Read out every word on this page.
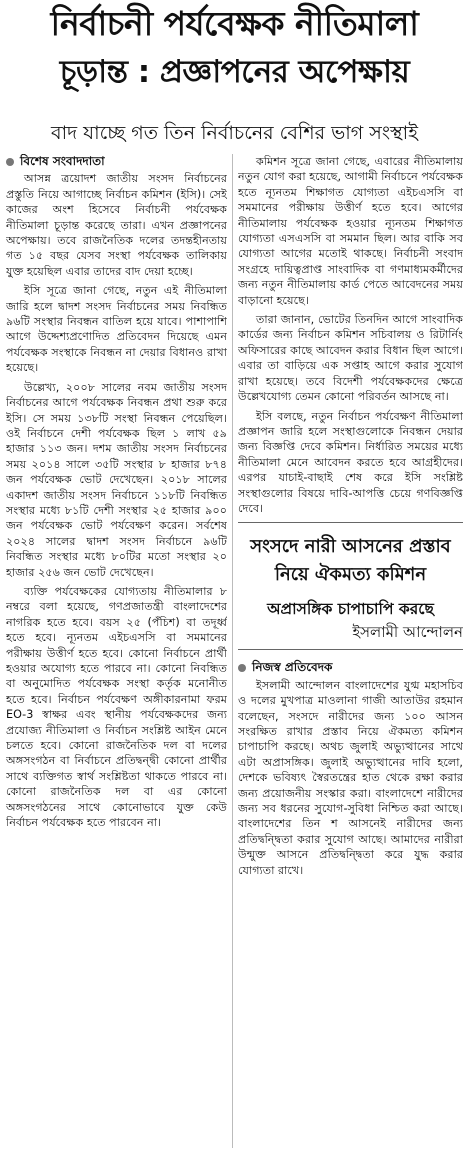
নির্বাচনী পর্যবেক্ষক নীতিমালা
চূড়ান্ত : প্রজ্ঞাপনের অপেক্ষায়
বাদ যাচ্ছে গত তিন নির্বাচনের বেশির ভাগ সংস্থাই
বিশেষ সংবাদদাতা

আসন্ন ত্রয়োদশ জাতীয় সংসদ নির্বাচনের প্রস্তুতি নিয়ে আগাচ্ছে নির্বাচন কমিশন (ইসি)। সেই কাজের অংশ হিসেবে নির্বাচনী পর্যবেক্ষক নীতিমালা চূড়ান্ত করেছে তারা। এখন প্রজ্ঞাপনের অপেক্ষায়। তবে রাজনৈতিক দলের তদন্তহীনতায় গত ১৫ বছর যেসব সংস্থা পর্যবেক্ষক তালিকায় যুক্ত হয়েছিল এবার তাদের বাদ দেয়া হচ্ছে।

ইসি সূত্রে জানা গেছে, নতুন এই নীতিমালা জারি হলে দ্বাদশ সংসদ নির্বাচনের সময় নিবন্ধিত ৯৬টি সংস্থার নিবন্ধন বাতিল হয়ে যাবে। পাশাপাশি আগে উদ্দেশ্যপ্রণোদিত প্রতিবেদন দিয়েছে এমন পর্যবেক্ষক সংস্থাকে নিবন্ধন না দেয়ার বিধানও রাখা হয়েছে।

উল্লেখ্য, ২০০৮ সালের নবম জাতীয় সংসদ নির্বাচনের আগে পর্যবেক্ষক নিবন্ধন প্রথা শুরু করে ইসি। সে সময় ১৩৮টি সংস্থা নিবন্ধন পেয়েছিল। ওই নির্বাচনে দেশী পর্যবেক্ষক ছিল ১ লাখ ৫৯ হাজার ১১৩ জন। দশম জাতীয় সংসদ নির্বাচনের সময় ২০১৪ সালে ৩৫টি সংস্থার ৮ হাজার ৮৭৪ জন পর্যবেক্ষক ভোট দেখেছেন। ২০১৮ সালের একাদশ জাতীয় সংসদ নির্বাচনে ১১৮টি নিবন্ধিত সংস্থার মধ্যে ৮১টি দেশী সংস্থার ২৫ হাজার ৯০০ জন পর্যবেক্ষক ভোট পর্যবেক্ষণ করেন। সর্বশেষ ২০২৪ সালের দ্বাদশ সংসদ নির্বাচনে ৯৬টি নিবন্ধিত সংস্থার মধ্যে ৮০টির মতো সংস্থার ২০ হাজার ২৫৬ জন ভোট দেখেছেন।

ব্যক্তি পর্যবেক্ষকের যোগ্যতায় নীতিমালার ৮ নম্বরে বলা হয়েছে, গণপ্রজাতন্ত্রী বাংলাদেশের নাগরিক হতে হবে। বয়স ২৫ (পঁচিশ) বা তদূর্ধ্ব হতে হবে। ন্যূনতম এইচএসসি বা সমমানের পরীক্ষায় উত্তীর্ণ হতে হবে। কোনো নির্বাচনে প্রার্থী হওয়ার অযোগ্য হতে পারবে না। কোনো নিবন্ধিত বা অনুমোদিত পর্যবেক্ষক সংস্থা কর্তৃক মনোনীত হতে হবে। নির্বাচন পর্যবেক্ষণ অঙ্গীকারনামা ফরম EO-3 স্বাক্ষর এবং স্থানীয় পর্যবেক্ষকদের জন্য প্রযোজ্য নীতিমালা ও নির্বাচন সংশ্লিষ্ট আইন মেনে চলতে হবে। কোনো রাজনৈতিক দল বা দলের অঙ্গসংগঠন বা নির্বাচনে প্রতিদ্বন্দ্বী কোনো প্রার্থীর সাথে ব্যক্তিগত স্বার্থ সংশ্লিষ্টতা থাকতে পারবে না। কোনো রাজনৈতিক দল বা এর কোনো অঙ্গসংগঠনের সাথে কোনোভাবে যুক্ত কেউ নির্বাচন পর্যবেক্ষক হতে পারবেন না।

কমিশন সূত্রে জানা গেছে, এবারের নীতিমালায় নতুন যোগ করা হয়েছে, আগামী নির্বাচনে পর্যবেক্ষক হতে ন্যূনতম শিক্ষাগত যোগ্যতা এইচএসসি বা সমমানের পরীক্ষায় উত্তীর্ণ হতে হবে। আগের নীতিমালায় পর্যবেক্ষক হওয়ার ন্যূনতম শিক্ষাগত যোগ্যতা এসএসসি বা সমমান ছিল। আর বাকি সব যোগ্যতা আগের মতোই থাকছে। নির্বাচনী সংবাদ সংগ্রহে দায়িত্বপ্রাপ্ত সাংবাদিক বা গণমাধ্যমকর্মীদের জন্য নতুন নীতিমালায় কার্ড পেতে আবেদনের সময় বাড়ানো হয়েছে।

তারা জানান, ভোটের তিনদিন আগে সাংবাদিক কার্ডের জন্য নির্বাচন কমিশন সচিবালয় ও রিটার্নিং অফিসারের কাছে আবেদন করার বিধান ছিল আগে। এবার তা বাড়িয়ে এক সপ্তাহ আগে করার সুযোগ রাখা হয়েছে। তবে বিদেশী পর্যবেক্ষকদের ক্ষেত্রে উল্লেখযোগ্য তেমন কোনো পরিবর্তন আসছে না।

ইসি বলছে, নতুন নির্বাচন পর্যবেক্ষণ নীতিমালা প্রজ্ঞাপন জারি হলে সংস্থাগুলোকে নিবন্ধন দেয়ার জন্য বিজ্ঞপ্তি দেবে কমিশন। নির্ধারিত সময়ের মধ্যে নীতিমালা মেনে আবেদন করতে হবে আগ্রহীদের। এরপর যাচাই-বাছাই শেষ করে ইসি সংশ্লিষ্ট সংস্থাগুলোর বিষয়ে দাবি-আপত্তি চেয়ে গণবিজ্ঞপ্তি দেবে।

সংসদে নারী আসনের প্রস্তাব
নিয়ে ঐকমত্য কমিশন
অপ্রাসঙ্গিক চাপাচাপি করছে
ইসলামী আন্দোলন
নিজস্ব প্রতিবেদক

ইসলামী আন্দোলন বাংলাদেশের যুগ্ম মহাসচিব ও দলের মুখপাত্র মাওলানা গাজী আতাউর রহমান বলেছেন, সংসদে নারীদের জন্য ১০০ আসন সংরক্ষিত রাখার প্রস্তাব নিয়ে ঐকমত্য কমিশন চাপাচাপি করছে। অথচ জুলাই অভ্যুত্থানের সাথে এটা অপ্রাসঙ্গিক। জুলাই অভ্যুত্থানের দাবি হলো, দেশকে ভবিষ্যৎ স্বৈরতন্ত্রের হাত থেকে রক্ষা করার জন্য প্রয়োজনীয় সংস্কার করা। বাংলাদেশে নারীদের জন্য সব ধরনের সুযোগ-সুবিধা নিশ্চিত করা আছে। বাংলাদেশের তিন শ আসনেই নারীদের জন্য প্রতিদ্বন্দ্বিতা করার সুযোগ আছে। আমাদের নারীরা উন্মুক্ত আসনে প্রতিদ্বন্দ্বিতা করে যুদ্ধ করার যোগ্যতা রাখে।
